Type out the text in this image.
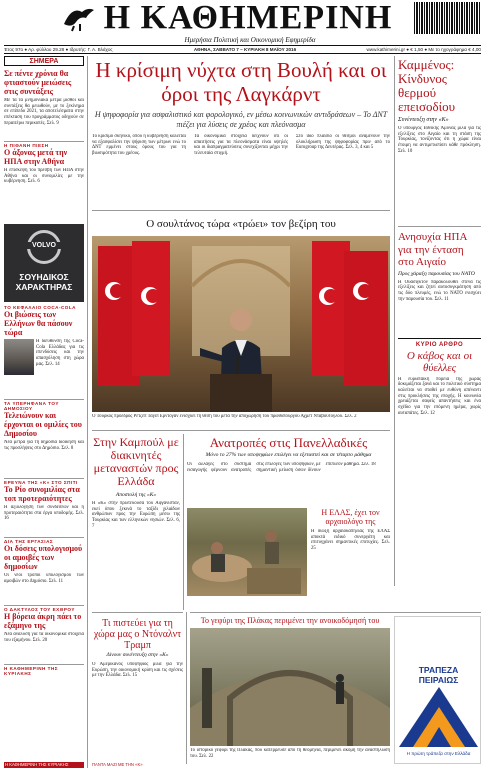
Η ΚΑΘΗΜΕΡΙΝΗ
Ημερήσια Πολιτική και Οικονομική Εφημερίδα
Έτος 97ο ● Αρ. φύλλου 29.28 ● Ιδρυτής: Γ. Α. Βλάχος	ΑΘΗΝΑ, ΣΑΒΒΑΤΟ 7 – ΚΥΡΙΑΚΗ 8 ΜΑΪΟΥ 2016	www.kathimerini.gr ● € 1,50 ● Με το ηχογράφημα € 4,00
ΣΗΜΕΡΑ
Σε πέντε χρόνια θα φτιαστούν μειώσεις στις συντάξεις
Με τα τα μνημονιακά μέτρα μισθοί και συντάξεις θα μειωθούν, με το ξεκίνημα σε επίπεδο 2021, τα αποτελέσματα στην επέκταση του προγράμματος οδηγούν σε περαιτέρω περικοπές. Σελ. 9
Η ΠΙΘΑΝΗ ΠΙΕΣΗ
Ο άξονας μετά την ΗΠΑ στην Αθήνα
Η επίσκεψη του πρέσβη των ΗΠΑ στην Αθήνα και οι συνομιλίες με την κυβέρνηση. Σελ. 6
VOLVO
ΣΟΥΗΔΙΚΟΣ ΧΑΡΑΚΤΗΡΑΣ
ΤΟ ΚΕΦΑΛΑΙΟ COCA-COLA
Οι βιώσεις των Ελλήνων θα πάσουν τώρα
Η διεύθυνση της Coca-Cola Ελλάδας για τις επενδύσεις και την απασχόληση στη χώρα μας. Σελ. 14
ΤΑ ΥΠΕΡΗΦΑΝΑ ΤΟΥ ΔΗΜΟΣΙΟΥ
Τελειώνουν και έρχονται οι ομιλίες του Δημοσίου
Νέα μέτρα για τη δημόσια διοίκηση και τις προσλήψεις στο Δημόσιο. Σελ. 8
ΕΡΕΥΝΑ ΤΗΣ «Κ» ΣΤΟ ΣΠΙΤΙ
Το Ρίο συνομιλίας στα τοπ προτεραιότητες
Η αξιολόγηση των συνδέσεων και η προτεραιότητα στα έργα υποδομής. Σελ. 16
ΔΙΑ ΤΗΣ ΕΡΓΑΣΙΑΣ
Οι δόσεις υπολογισμού οι αμοιβές των δημοσίων
Οι νέοι τρόποι υπολογισμού των αμοιβών στο Δημόσιο. Σελ. 11
Ο ΔΑΚΤΥΛΟΣ ΤΟΥ ΕΧΘΡΟΥ
Η βόρεια άκρη πάει το εξάμηνο της
Νέα ανάλυση για τα οικονομικά στοιχεία του εξαμήνου. Σελ. 20
Η ΚΑΘΗΜΕΡΙΝΗ ΤΗΣ ΚΥΡΙΑΚΗΣ
Η κρίσιμη νύχτα στη Βουλή και οι όροι της Λαγκάρντ
Η ψηφοφορία για ασφαλιστικό και φορολογικό, εν μέσω κοινωνικών αντιδράσεων – Το ΔΝΤ πιέζει για λύσεις σε χρέος και πλεόνασμα
Το κρίσιμο σκηνικό, όπου η κυβέρνηση καλείται να εξασφαλίσει την ψήφιση των μέτρων ενώ το ΔΝΤ εμμένει στους όρους του για τη βιωσιμότητα του χρέους.
Τα οικονομικά στοιχεία δείχνουν ότι οι απαιτήσεις για τα πλεονάσματα είναι υψηλές και οι διαπραγματεύσεις συνεχίζονται μέχρι την τελευταία στιγμή.
Στο ίδιο πλαίσιο οι θεσμοί αναμένουν την ολοκλήρωση της ψηφοφορίας πριν από το Eurogroup της Δευτέρας. Σελ. 3, 4 και 5
Ο σουλτάνος τώρα «τρώει» τον βεζίρη του
Ο Τούρκος πρόεδρος Ρετζέπ Ταγίπ Ερντογάν ενισχύει τη θέση του μετά την αποχώρηση του πρωθυπουργού Αχμέτ Νταβούτογλου. Σελ. 2
Καμμένος: Κίνδυνος θερμού επεισοδίου
Συνέντευξη στην «Κ»
Ο υπουργός Εθνικής Άμυνας μιλά για τις εξελίξεις στο Αιγαίο και τη στάση της Τουρκίας, τονίζοντας ότι η χώρα είναι έτοιμη να αντιμετωπίσει κάθε πρόκληση. Σελ. 10
Ανησυχία ΗΠΑ για την ένταση στο Αιγαίο
Προς χάραξη παρουσίας του ΝΑΤΟ
Η Ουάσιγκτον παρακολουθεί στενά τις εξελίξεις και ζητεί αυτοσυγκράτηση από τις δύο πλευρές, ενώ το ΝΑΤΟ ενισχύει την παρουσία του. Σελ. 11
ΚΥΡΙΟ ΑΡΘΡΟ
Ο κάβος και οι θύελλες
Η ευρωπαϊκή πορεία της χώρας δοκιμάζεται ξανά και το πολιτικό σύστημα καλείται να σταθεί με ευθύνη απέναντι στις προκλήσεις της εποχής. Η κοινωνία χρειάζεται σαφείς απαντήσεις και ένα σχέδιο για την επόμενη ημέρα, χωρίς αυταπάτες. Σελ. 12
Στην Καμπούλ με διακινητές μεταναστών προς Ελλάδα
Αποστολή της «Κ»
Η «Κ» στην πρωτεύουσα του Αφγανιστάν, εκεί όπου ξεκινά το ταξίδι χιλιάδων ανθρώπων προς την Ευρώπη μέσω της Τουρκίας και των ελληνικών νησιών. Σελ. 6, 7
Ανατροπές στις Πανελλαδικές
Μόνο το 27% των υποψηφίων επιλέγει να εξεταστεί και σε τέταρτο μάθημα
Οι αλλαγές στο σύστημα εισαγωγής φέρνουν ανατροπές στις επιλογές των υποψηφίων, με σημαντική μείωση όσων δίνουν επιπλέον μάθημα. Σελ. 18
Η ΕΛΑΣ, έχει τον αρχαιολόγο της
Η δίωξη αρχαιοκαπηλίας της ΕΛΑΣ αποκτά ειδικό συνεργάτη και επιτυγχάνει σημαντικές επιτυχίες. Σελ. 25
Τι πιστεύει για τη χώρα μας ο Ντόναλντ Τραμπ
Δίνουν συνέντευξη στην «Κ»
Ο Αμερικανός υποψήφιος μιλά για την Ευρώπη, την οικονομική κρίση και τις σχέσεις με την Ελλάδα. Σελ. 15
Το γεφύρι της Πλάκας περιμένει την ανοικοδόμησή του
Το ιστορικό γεφύρι της Πλάκας, που κατέρρευσε από τη θεομηνία, περιμένει ακόμη την αναστήλωσή του. Σελ. 22
ΤΡΑΠΕΖΑ ΠΕΙΡΑΙΩΣ
Η πρώτη τράπεζα στην Ελλάδα
Η ΚΑΘΗΜΕΡΙΝΗ ΤΗΣ ΚΥΡΙΑΚΗΣ	ΠΑΝΤΑ ΜΑΖΙ ΜΕ ΤΗΝ «Κ»
